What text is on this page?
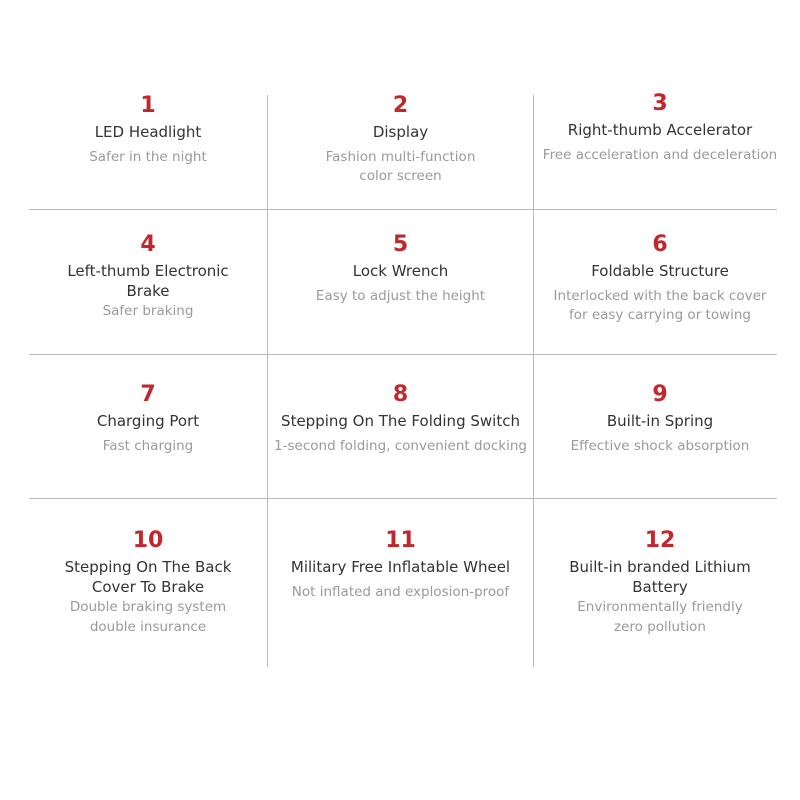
1
LED Headlight
Safer in the night
2
Display
Fashion multi-function
color screen
3
Right-thumb Accelerator
Free acceleration and deceleration
4
Left-thumb Electronic
Brake
Safer braking
5
Lock Wrench
Easy to adjust the height
6
Foldable Structure
Interlocked with the back cover
for easy carrying or towing
7
Charging Port
Fast charging
8
Stepping On The Folding Switch
1-second folding, convenient docking
9
Built-in Spring
Effective shock absorption
10
Stepping On The Back
Cover To Brake
Double braking system
double insurance
11
Military Free Inflatable Wheel
Not inflated and explosion-proof
12
Built-in branded Lithium
Battery
Environmentally friendly
zero pollution
